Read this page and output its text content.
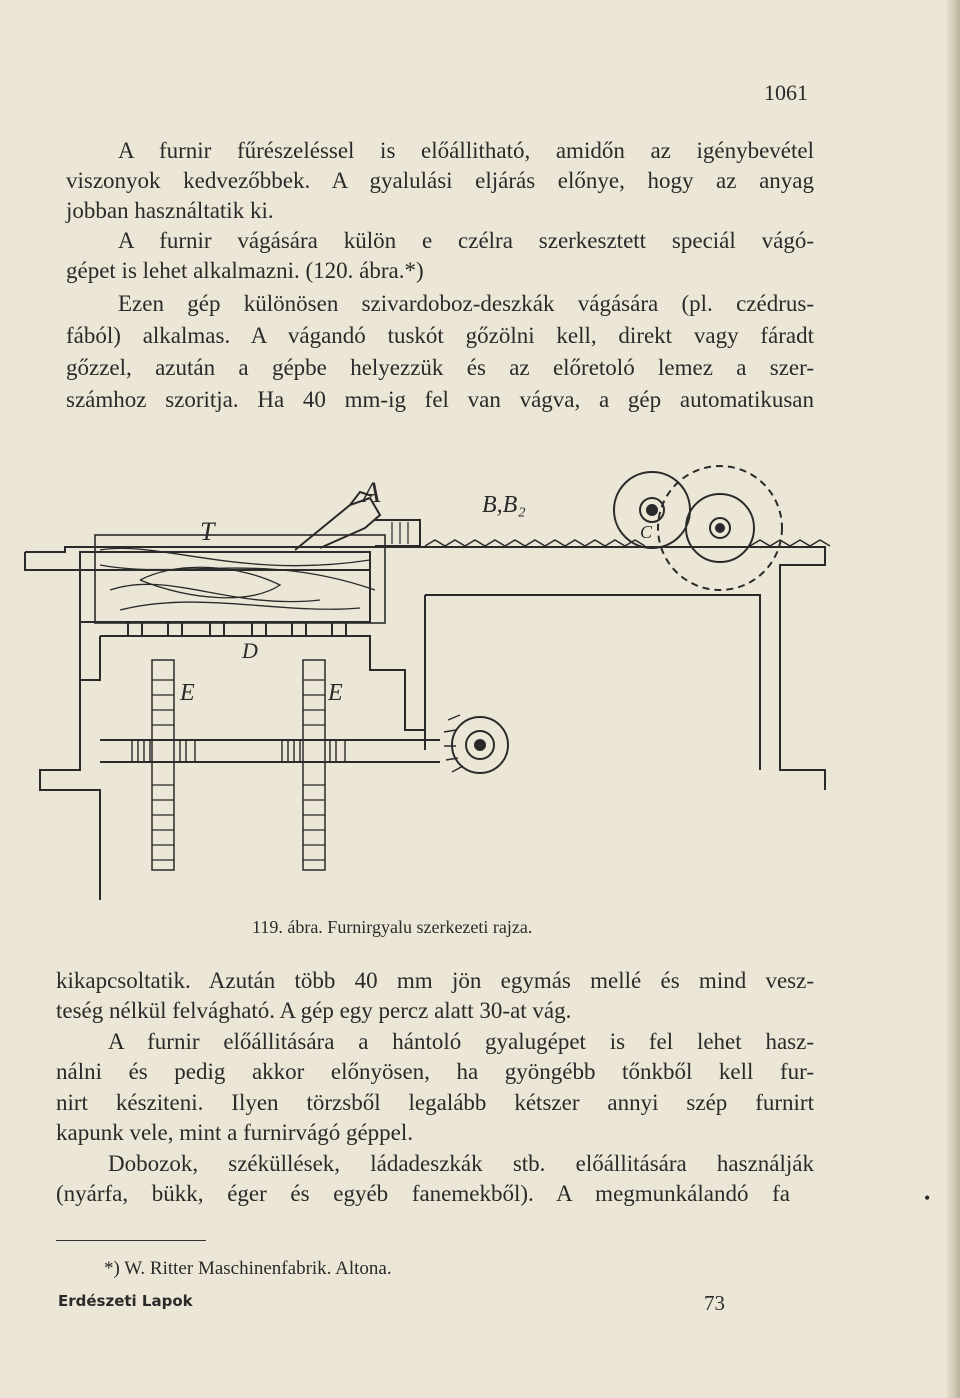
1061
A furnir fűrészeléssel is előállitható, amidőn az igénybevétel
viszonyok kedvezőbbek. A gyalulási eljárás előnye, hogy az anyag
jobban használtatik ki.
A furnir vágására külön e czélra szerkesztett speciál vágó-
gépet is lehet alkalmazni. (120. ábra.*)
Ezen gép különösen szivardoboz-deszkák vágására (pl. czédrus-
fából) alkalmas. A vágandó tuskót gőzölni kell, direkt vagy fáradt
gőzzel, azután a gépbe helyezzük és az előretoló lemez a szer-
számhoz szoritja. Ha 40 mm-ig fel van vágva, a gép automatikusan
T
A	B,B₂
C
D
E	E
119. ábra. Furnirgyalu szerkezeti rajza.
kikapcsoltatik. Azután több 40 mm jön egymás mellé és mind vesz-
teség nélkül felvágható. A gép egy percz alatt 30-at vág.
A furnir előállitására a hántoló gyalugépet is fel lehet hasz-
nálni és pedig akkor előnyösen, ha gyöngébb tőnkből kell fur-
nirt késziteni. Ilyen törzsből legalább kétszer annyi szép furnirt
kapunk vele, mint a furnirvágó géppel.
Dobozok, széküllések, ládadeszkák stb. előállitására használják
(nyárfa, bükk, éger és egyéb fanemekből). A megmunkálandó fa	•
*) W. Ritter Maschinenfabrik. Altona.
Erdészeti Lapok	73
